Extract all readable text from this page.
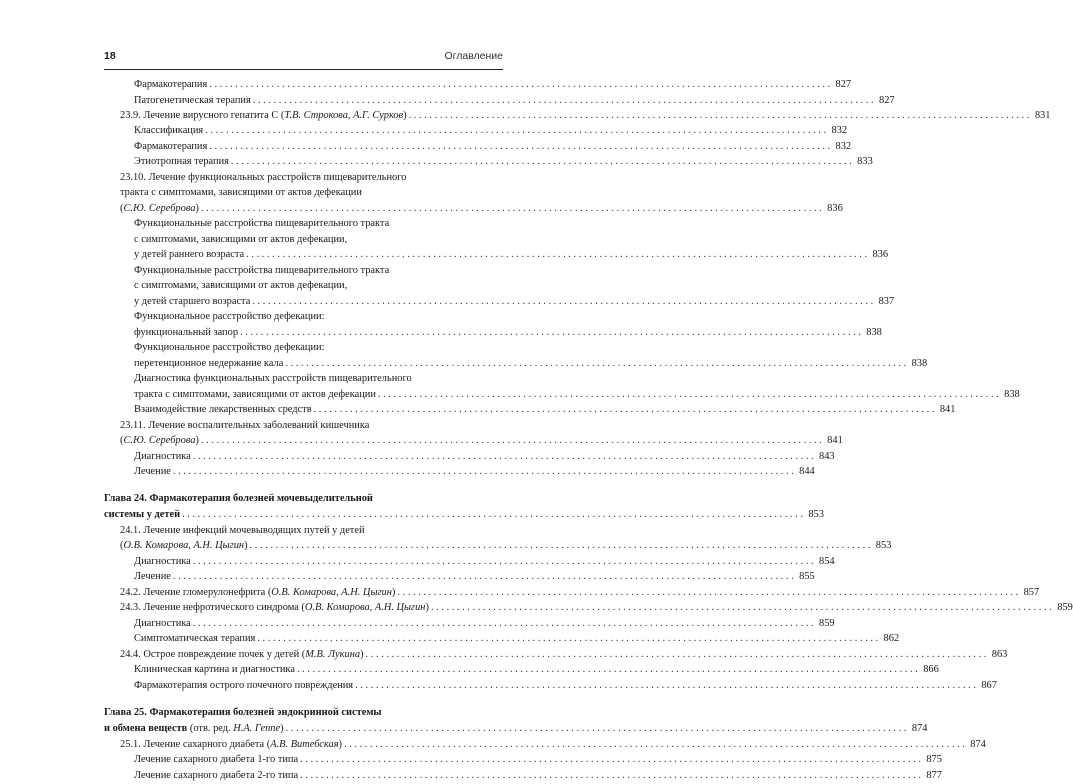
18	Оглавление
Фармакотерапия . . . . . . . . . . . . . . . . . . . . . . . . . . . . . . . . . . . . . . . . . . . . . . . . . . . . . . . . . . . . . . . . . . . . . . . . . . . . . . . . . . . . . . . . . . . . . . . . . . . . . . . . . . . . . . . . . . . . . . . . 827
Патогенетическая терапия . . . . . . . . . . . . . . . . . . . . . . . . . . . . . . . . . . . . . . . . . . . . . . . . . . . . . . . . . . . . . . . . . . . . . . . . . . . . . . . . . . . . . . . . . . . . . . . . . . . . . . . . . . . . . . . . . . . . . . . . 827
23.9. Лечение вирусного гепатита С (Т.В. Строкова, А.Г. Сурков) . . . . . . . . . . . . . . . . . . . . . . . . . . . . . . . . . . . . . . . . . . . . . . . . . . . . . . . . . . . . . . . . . . . . . . . . . . . . . . . . . . . . . . . . . . . . . . . . . . . . . . . . . . . . . . . . . . . . . . . . 831
Классификация . . . . . . . . . . . . . . . . . . . . . . . . . . . . . . . . . . . . . . . . . . . . . . . . . . . . . . . . . . . . . . . . . . . . . . . . . . . . . . . . . . . . . . . . . . . . . . . . . . . . . . . . . . . . . . . . . . . . . . . . 832
Фармакотерапия . . . . . . . . . . . . . . . . . . . . . . . . . . . . . . . . . . . . . . . . . . . . . . . . . . . . . . . . . . . . . . . . . . . . . . . . . . . . . . . . . . . . . . . . . . . . . . . . . . . . . . . . . . . . . . . . . . . . . . . . 832
Этиотропная терапия . . . . . . . . . . . . . . . . . . . . . . . . . . . . . . . . . . . . . . . . . . . . . . . . . . . . . . . . . . . . . . . . . . . . . . . . . . . . . . . . . . . . . . . . . . . . . . . . . . . . . . . . . . . . . . . . . . . . . . . . 833
23.10. Лечение функциональных расстройств пищеварительного
тракта с симптомами, зависящими от актов дефекации
(С.Ю. Сереброва) . . . . . . . . . . . . . . . . . . . . . . . . . . . . . . . . . . . . . . . . . . . . . . . . . . . . . . . . . . . . . . . . . . . . . . . . . . . . . . . . . . . . . . . . . . . . . . . . . . . . . . . . . . . . . . . . . . . . . . . . 836
Функциональные расстройства пищеварительного тракта
с симптомами, зависящими от актов дефекации,
у детей раннего возраста . . . . . . . . . . . . . . . . . . . . . . . . . . . . . . . . . . . . . . . . . . . . . . . . . . . . . . . . . . . . . . . . . . . . . . . . . . . . . . . . . . . . . . . . . . . . . . . . . . . . . . . . . . . . . . . . . . . . . . . . 836
Функциональные расстройства пищеварительного тракта
с симптомами, зависящими от актов дефекации,
у детей старшего возраста . . . . . . . . . . . . . . . . . . . . . . . . . . . . . . . . . . . . . . . . . . . . . . . . . . . . . . . . . . . . . . . . . . . . . . . . . . . . . . . . . . . . . . . . . . . . . . . . . . . . . . . . . . . . . . . . . . . . . . . . 837
Функциональное расстройство дефекации:
функциональный запор . . . . . . . . . . . . . . . . . . . . . . . . . . . . . . . . . . . . . . . . . . . . . . . . . . . . . . . . . . . . . . . . . . . . . . . . . . . . . . . . . . . . . . . . . . . . . . . . . . . . . . . . . . . . . . . . . . . . . . . . 838
Функциональное расстройство дефекации:
перетенционное недержание кала . . . . . . . . . . . . . . . . . . . . . . . . . . . . . . . . . . . . . . . . . . . . . . . . . . . . . . . . . . . . . . . . . . . . . . . . . . . . . . . . . . . . . . . . . . . . . . . . . . . . . . . . . . . . . . . . . . . . . . . . 838
Диагностика функциональных расстройств пищеварительного
тракта с симптомами, зависящими от актов дефекации . . . . . . . . . . . . . . . . . . . . . . . . . . . . . . . . . . . . . . . . . . . . . . . . . . . . . . . . . . . . . . . . . . . . . . . . . . . . . . . . . . . . . . . . . . . . . . . . . . . . . . . . . . . . . . . . . . . . . . . . 838
Взаимодействие лекарственных средств . . . . . . . . . . . . . . . . . . . . . . . . . . . . . . . . . . . . . . . . . . . . . . . . . . . . . . . . . . . . . . . . . . . . . . . . . . . . . . . . . . . . . . . . . . . . . . . . . . . . . . . . . . . . . . . . . . . . . . . . 841
23.11. Лечение воспалительных заболеваний кишечника
(С.Ю. Сереброва) . . . . . . . . . . . . . . . . . . . . . . . . . . . . . . . . . . . . . . . . . . . . . . . . . . . . . . . . . . . . . . . . . . . . . . . . . . . . . . . . . . . . . . . . . . . . . . . . . . . . . . . . . . . . . . . . . . . . . . . . 841
Диагностика . . . . . . . . . . . . . . . . . . . . . . . . . . . . . . . . . . . . . . . . . . . . . . . . . . . . . . . . . . . . . . . . . . . . . . . . . . . . . . . . . . . . . . . . . . . . . . . . . . . . . . . . . . . . . . . . . . . . . . . . 843
Лечение . . . . . . . . . . . . . . . . . . . . . . . . . . . . . . . . . . . . . . . . . . . . . . . . . . . . . . . . . . . . . . . . . . . . . . . . . . . . . . . . . . . . . . . . . . . . . . . . . . . . . . . . . . . . . . . . . . . . . . . . 844
Глава 24. Фармакотерапия болезней мочевыделительной
системы у детей . . . . . . . . . . . . . . . . . . . . . . . . . . . . . . . . . . . . . . . . . . . . . . . . . . . . . . . . . . . . . . . . . . . . . . . . . . . . . . . . . . . . . . . . . . . . . . . . . . . . . . . . . . . . . . . . . . . . . . . . 853
24.1. Лечение инфекций мочевыводящих путей у детей
(О.В. Комарова, А.Н. Цыгин) . . . . . . . . . . . . . . . . . . . . . . . . . . . . . . . . . . . . . . . . . . . . . . . . . . . . . . . . . . . . . . . . . . . . . . . . . . . . . . . . . . . . . . . . . . . . . . . . . . . . . . . . . . . . . . . . . . . . . . . . 853
Диагностика . . . . . . . . . . . . . . . . . . . . . . . . . . . . . . . . . . . . . . . . . . . . . . . . . . . . . . . . . . . . . . . . . . . . . . . . . . . . . . . . . . . . . . . . . . . . . . . . . . . . . . . . . . . . . . . . . . . . . . . . 854
Лечение . . . . . . . . . . . . . . . . . . . . . . . . . . . . . . . . . . . . . . . . . . . . . . . . . . . . . . . . . . . . . . . . . . . . . . . . . . . . . . . . . . . . . . . . . . . . . . . . . . . . . . . . . . . . . . . . . . . . . . . . 855
24.2. Лечение гломерулонефрита (О.В. Комарова, А.Н. Цыгин) . . . . . . . . . . . . . . . . . . . . . . . . . . . . . . . . . . . . . . . . . . . . . . . . . . . . . . . . . . . . . . . . . . . . . . . . . . . . . . . . . . . . . . . . . . . . . . . . . . . . . . . . . . . . . . . . . . . . . . . . 857
24.3. Лечение нефротического синдрома (О.В. Комарова, А.Н. Цыгин) . . . . . . . . . . . . . . . . . . . . . . . . . . . . . . . . . . . . . . . . . . . . . . . . . . . . . . . . . . . . . . . . . . . . . . . . . . . . . . . . . . . . . . . . . . . . . . . . . . . . . . . . . . . . . . . . . . . . . . . . 859
Диагностика . . . . . . . . . . . . . . . . . . . . . . . . . . . . . . . . . . . . . . . . . . . . . . . . . . . . . . . . . . . . . . . . . . . . . . . . . . . . . . . . . . . . . . . . . . . . . . . . . . . . . . . . . . . . . . . . . . . . . . . . 859
Симптоматическая терапия . . . . . . . . . . . . . . . . . . . . . . . . . . . . . . . . . . . . . . . . . . . . . . . . . . . . . . . . . . . . . . . . . . . . . . . . . . . . . . . . . . . . . . . . . . . . . . . . . . . . . . . . . . . . . . . . . . . . . . . . 862
24.4. Острое повреждение почек у детей (М.В. Лукина) . . . . . . . . . . . . . . . . . . . . . . . . . . . . . . . . . . . . . . . . . . . . . . . . . . . . . . . . . . . . . . . . . . . . . . . . . . . . . . . . . . . . . . . . . . . . . . . . . . . . . . . . . . . . . . . . . . . . . . . . 863
Клиническая картина и диагностика . . . . . . . . . . . . . . . . . . . . . . . . . . . . . . . . . . . . . . . . . . . . . . . . . . . . . . . . . . . . . . . . . . . . . . . . . . . . . . . . . . . . . . . . . . . . . . . . . . . . . . . . . . . . . . . . . . . . . . . . 866
Фармакотерапия острого почечного повреждения . . . . . . . . . . . . . . . . . . . . . . . . . . . . . . . . . . . . . . . . . . . . . . . . . . . . . . . . . . . . . . . . . . . . . . . . . . . . . . . . . . . . . . . . . . . . . . . . . . . . . . . . . . . . . . . . . . . . . . . . 867
Глава 25. Фармакотерапия болезней эндокринной системы
и обмена веществ (отв. ред. Н.А. Геппе) . . . . . . . . . . . . . . . . . . . . . . . . . . . . . . . . . . . . . . . . . . . . . . . . . . . . . . . . . . . . . . . . . . . . . . . . . . . . . . . . . . . . . . . . . . . . . . . . . . . . . . . . . . . . . . . . . . . . . . . . 874
25.1. Лечение сахарного диабета (А.В. Витебская) . . . . . . . . . . . . . . . . . . . . . . . . . . . . . . . . . . . . . . . . . . . . . . . . . . . . . . . . . . . . . . . . . . . . . . . . . . . . . . . . . . . . . . . . . . . . . . . . . . . . . . . . . . . . . . . . . . . . . . . . 874
Лечение сахарного диабета 1-го типа . . . . . . . . . . . . . . . . . . . . . . . . . . . . . . . . . . . . . . . . . . . . . . . . . . . . . . . . . . . . . . . . . . . . . . . . . . . . . . . . . . . . . . . . . . . . . . . . . . . . . . . . . . . . . . . . . . . . . . . . 875
Лечение сахарного диабета 2-го типа . . . . . . . . . . . . . . . . . . . . . . . . . . . . . . . . . . . . . . . . . . . . . . . . . . . . . . . . . . . . . . . . . . . . . . . . . . . . . . . . . . . . . . . . . . . . . . . . . . . . . . . . . . . . . . . . . . . . . . . . 877
